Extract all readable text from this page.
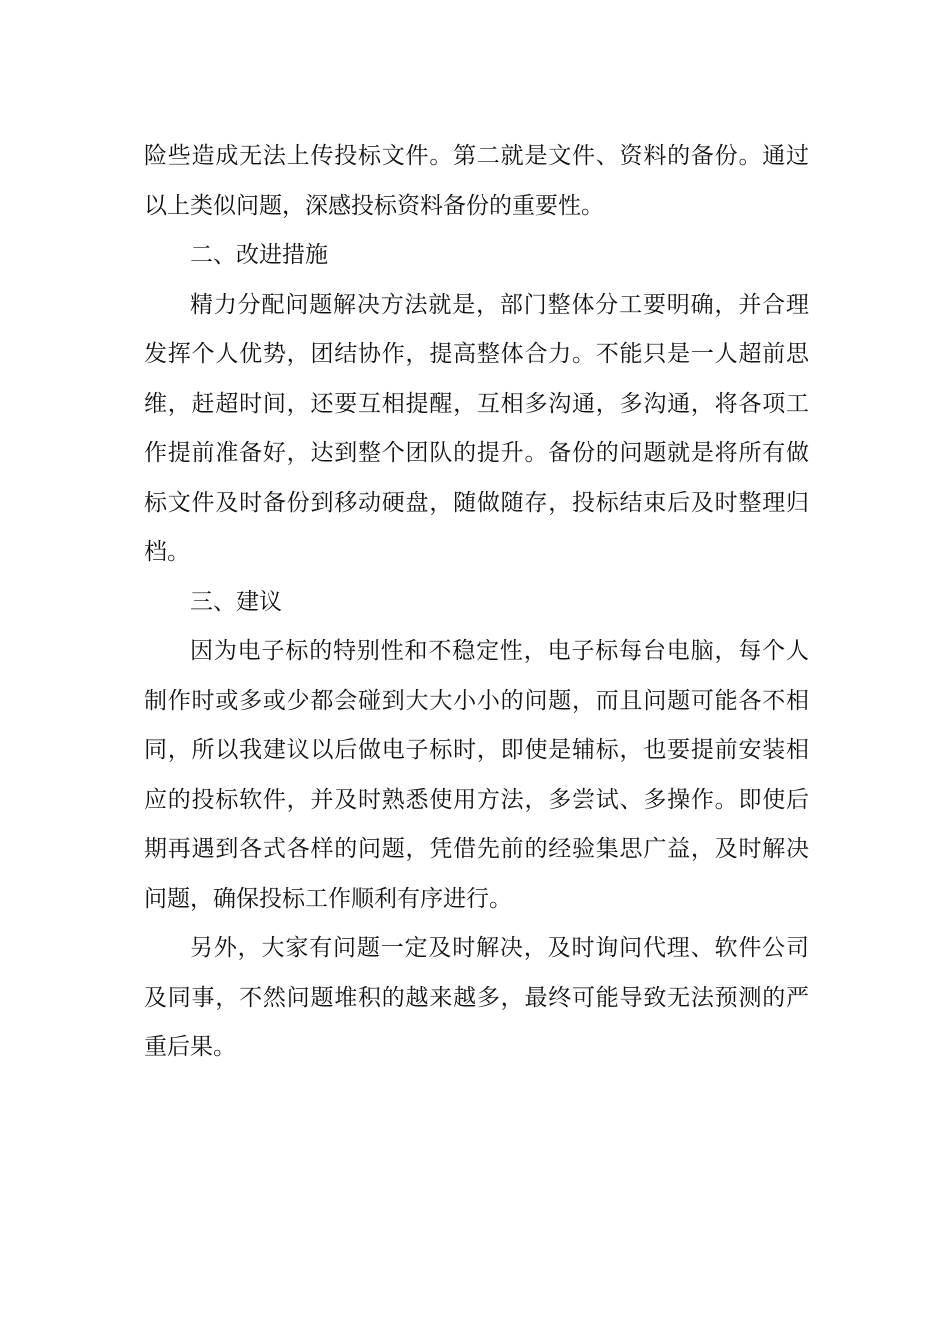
险些造成无法上传投标文件。第二就是文件、资料的备份。通过以上类似问题，深感投标资料备份的重要性。

二、改进措施

精力分配问题解决方法就是，部门整体分工要明确，并合理发挥个人优势，团结协作，提高整体合力。不能只是一人超前思维，赶超时间，还要互相提醒，互相多沟通，多沟通，将各项工作提前准备好，达到整个团队的提升。备份的问题就是将所有做标文件及时备份到移动硬盘，随做随存，投标结束后及时整理归档。

三、建议

因为电子标的特别性和不稳定性，电子标每台电脑，每个人制作时或多或少都会碰到大大小小的问题，而且问题可能各不相同，所以我建议以后做电子标时，即使是辅标，也要提前安装相应的投标软件，并及时熟悉使用方法，多尝试、多操作。即使后期再遇到各式各样的问题，凭借先前的经验集思广益，及时解决问题，确保投标工作顺利有序进行。

另外，大家有问题一定及时解决，及时询问代理、软件公司及同事，不然问题堆积的越来越多，最终可能导致无法预测的严重后果。
